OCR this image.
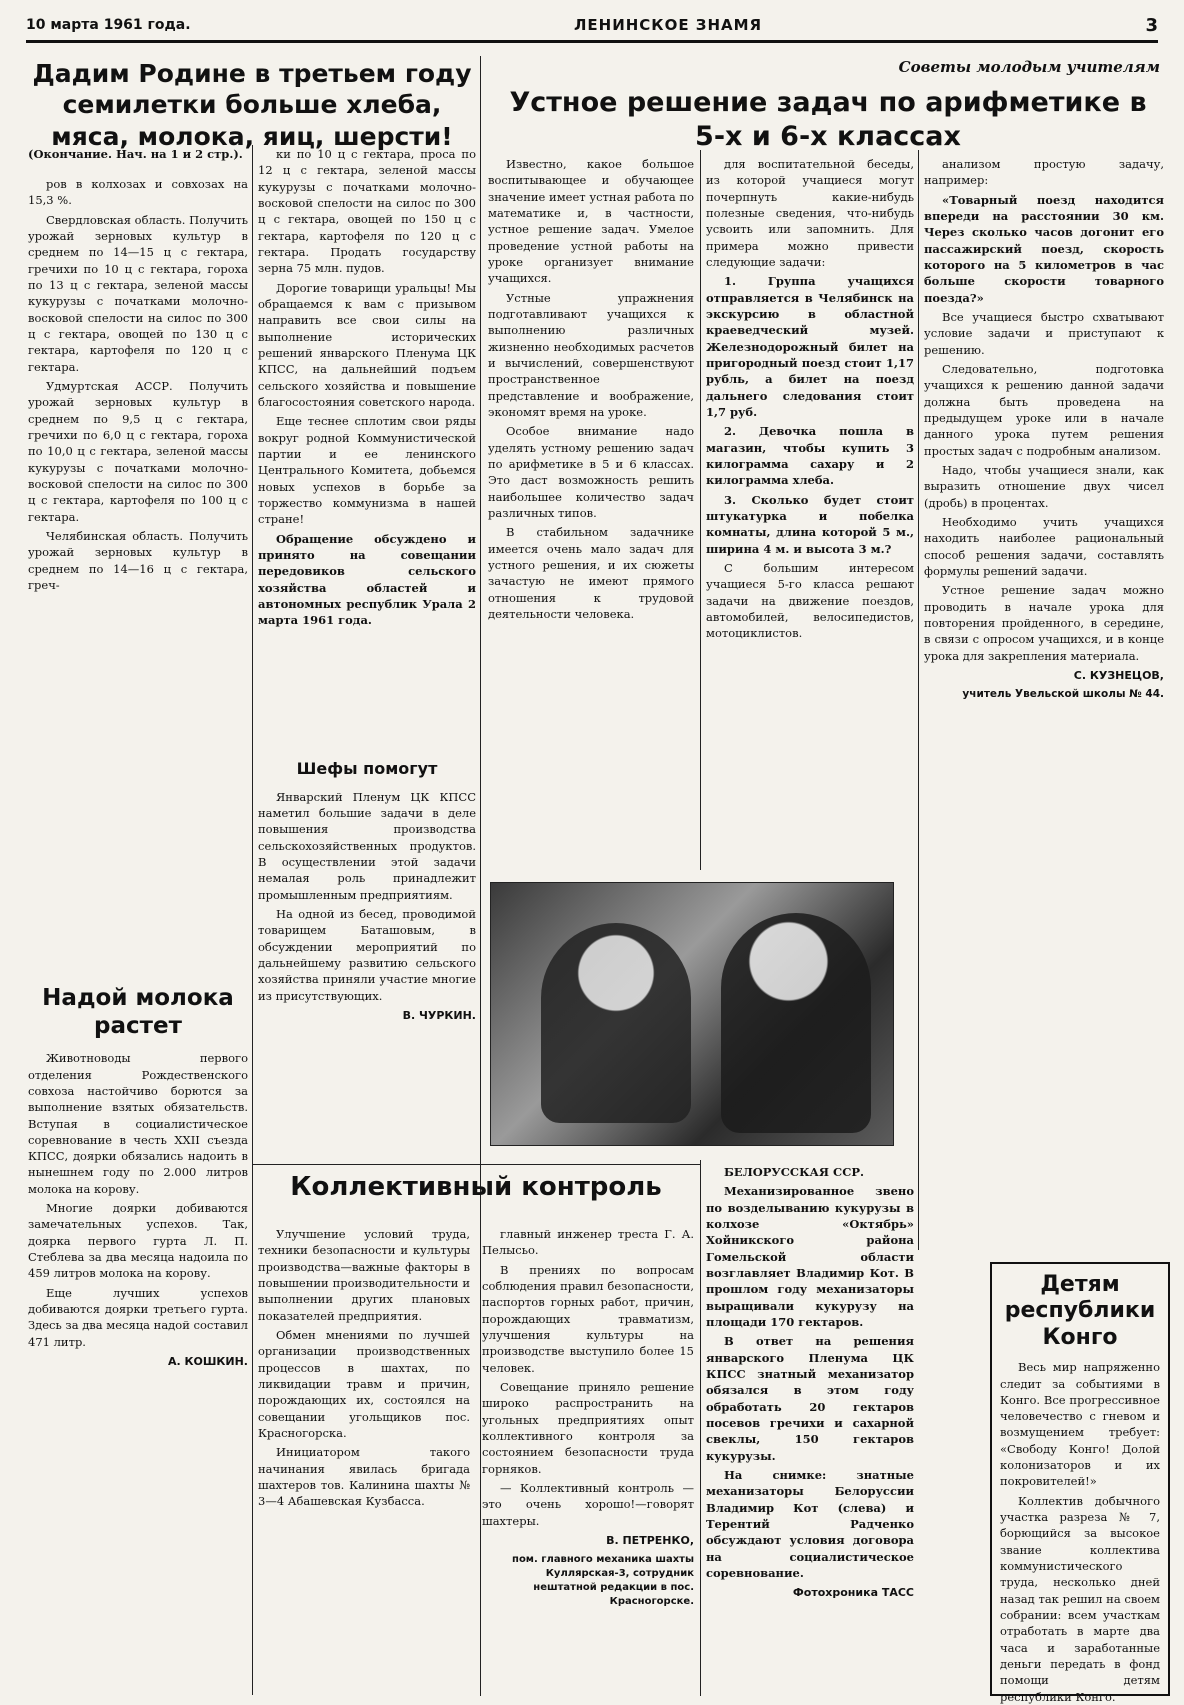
10 марта 1961 года.	ЛЕНИНСКОЕ ЗНАМЯ	3
Дадим Родине в третьем году семилетки больше хлеба, мяса, молока, яиц, шерсти!
(Окончание. Нач. на 1 и 2 стр.).

ров в колхозах и совхозах на 15,3 %.

Свердловская область. Получить урожай зерновых культур в среднем по 14—15 ц с гектара, гречихи по 10 ц с гектара, гороха по 13 ц с гектара, зеленой массы кукурузы с початками молочно-восковой спелости на силос по 300 ц с гектара, овощей по 130 ц с гектара, картофеля по 120 ц с гектара.

Удмуртская АССР. Получить урожай зерновых культур в среднем по 9,5 ц с гектара, гречихи по 6,0 ц с гектара, гороха по 10,0 ц с гектара, зеленой массы кукурузы с початками молочно-восковой спелости на силос по 300 ц с гектара, картофеля по 100 ц с гектара.

Челябинская область. Получить урожай зерновых культур в среднем по 14—16 ц с гектара, греч-

Надой молока растет

Животноводы первого отделения Рождественского совхоза настойчиво борются за выполнение взятых обязательств. Вступая в социалистическое соревнование в честь XXII съезда КПСС, доярки обязались надоить в нынешнем году по 2.000 литров молока на корову.

Многие доярки добиваются замечательных успехов. Так, доярка первого гурта Л. П. Стеблева за два месяца надоила по 459 литров молока на корову.

Еще лучших успехов добиваются доярки третьего гурта. Здесь за два месяца надой составил 471 литр.

А. КОШКИН.

ки по 10 ц с гектара, проса по 12 ц с гектара, зеленой массы кукурузы с початками молочно-восковой спелости на силос по 300 ц с гектара, овощей по 150 ц с гектара, картофеля по 120 ц с гектара. Продать государству зерна 75 млн. пудов.

Дорогие товарищи уральцы! Мы обращаемся к вам с призывом направить все свои силы на выполнение исторических решений январского Пленума ЦК КПСС, на дальнейший подъем сельского хозяйства и повышение благосостояния советского народа.

Еще теснее сплотим свои ряды вокруг родной Коммунистической партии и ее ленинского Центрального Комитета, добьемся новых успехов в борьбе за торжество коммунизма в нашей стране!

Обращение обсуждено и принято на совещании передовиков сельского хозяйства областей и автономных республик Урала 2 марта 1961 года.

Шефы помогут

Январский Пленум ЦК КПСС наметил большие задачи в деле повышения производства сельскохозяйственных продуктов. В осуществлении этой задачи немалая роль принадлежит промышленным предприятиям.

На одной из бесед, проводимой товарищем Баташовым, в обсуждении мероприятий по дальнейшему развитию сельского хозяйства приняли участие многие из присутствующих.

В. ЧУРКИН.
Советы молодым учителям
Устное решение задач по арифметике в 5-х и 6-х классах

Известно, какое большое воспитывающее и обучающее значение имеет устная работа по математике и, в частности, устное решение задач. Умелое проведение устной работы на уроке организует внимание учащихся.

Устные упражнения подготавливают учащихся к выполнению различных жизненно необходимых расчетов и вычислений, совершенствуют пространственное представление и воображение, экономят время на уроке.

Особое внимание надо уделять устному решению задач по арифметике в 5 и 6 классах. Это даст возможность решить наибольшее количество задач различных типов.

В стабильном задачнике имеется очень мало задач для устного решения, и их сюжеты зачастую не имеют прямого отношения к трудовой деятельности человека.

для воспитательной беседы, из которой учащиеся могут почерпнуть какие-нибудь полезные сведения, что-нибудь усвоить или запомнить. Для примера можно привести следующие задачи:

1. Группа учащихся отправляется в Челябинск на экскурсию в областной краеведческий музей. Железнодорожный билет на пригородный поезд стоит 1,17 рубль, а билет на поезд дальнего следования стоит 1,7 руб.

2. Девочка пошла в магазин, чтобы купить 3 килограмма сахару и 2 килограмма хлеба.

3. Сколько будет стоит штукатурка и побелка комнаты, длина которой 5 м., ширина 4 м. и высота 3 м.?

С большим интересом учащиеся 5-го класса решают задачи на движение поездов, автомобилей, велосипедистов, мотоциклистов.

анализом простую задачу, например:

«Товарный поезд находится впереди на расстоянии 30 км. Через сколько часов догонит его пассажирский поезд, скорость которого на 5 километров в час больше скорости товарного поезда?»

Все учащиеся быстро схватывают условие задачи и приступают к решению.

Следовательно, подготовка учащихся к решению данной задачи должна быть проведена на предыдущем уроке или в начале данного урока путем решения простых задач с подробным анализом.

Надо, чтобы учащиеся знали, как выразить отношение двух чисел (дробь) в процентах.

Необходимо учить учащихся находить наиболее рациональный способ решения задачи, составлять формулы решений задачи.

Устное решение задач можно проводить в начале урока для повторения пройденного, в середине, в связи с опросом учащихся, и в конце урока для закрепления материала.

С. КУЗНЕЦОВ,
учитель Увельской школы № 44.

БЕЛОРУССКАЯ ССР.

Механизированное звено по возделыванию кукурузы в колхозе «Октябрь» Хойникского района Гомельской области возглавляет Владимир Кот. В прошлом году механизаторы выращивали кукурузу на площади 170 гектаров.

В ответ на решения январского Пленума ЦК КПСС знатный механизатор обязался в этом году обработать 20 гектаров посевов гречихи и сахарной свеклы, 150 гектаров кукурузы.

На снимке: знатные механизаторы Белоруссии Владимир Кот (слева) и Терентий Радченко обсуждают условия договора на социалистическое соревнование.

Фотохроника ТАСС
Коллективный контроль

Улучшение условий труда, техники безопасности и культуры производства—важные факторы в повышении производительности и выполнении других плановых показателей предприятия.

Обмен мнениями по лучшей организации производственных процессов в шахтах, по ликвидации травм и причин, порождающих их, состоялся на совещании угольщиков пос. Красногорска.

Инициатором такого начинания явилась бригада шахтеров тов. Калинина шахты № 3—4 Абашевская Кузбасса.

главный инженер треста Г. А. Пелысьо.

В прениях по вопросам соблюдения правил безопасности, паспортов горных работ, причин, порождающих травматизм, улучшения культуры на производстве выступило более 15 человек.

Совещание приняло решение широко распространить на угольных предприятиях опыт коллективного контроля за состоянием безопасности труда горняков.

— Коллективный контроль — это очень хорошо!—говорят шахтеры.

В. ПЕТРЕНКО,
пом. главного механика шахты Куллярская-3, сотрудник нештатной редакции в пос. Красногорске.
Детям республики Конго

Весь мир напряженно следит за событиями в Конго. Все прогрессивное человечество с гневом и возмущением требует: «Свободу Конго! Долой колонизаторов и их покровителей!»

Коллектив добычного участка разреза № 7, борющийся за высокое звание коллектива коммунистического труда, несколько дней назад так решил на своем собрании: всем участкам отработать в марте два часа и заработанные деньги передать в фонд помощи детям республики Конго.
